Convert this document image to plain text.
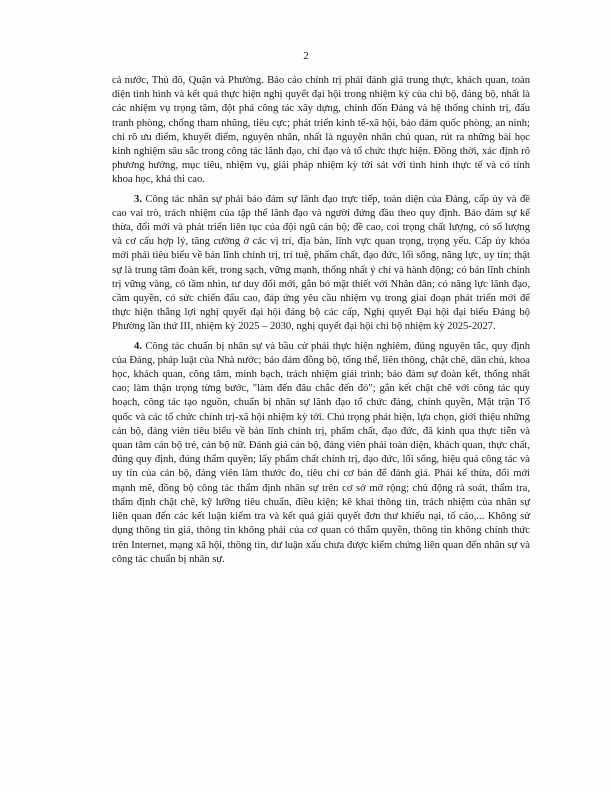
2

cả nước, Thủ đô, Quận và Phường. Báo cáo chính trị phải đánh giá trung thực, khách quan, toàn diện tình hình và kết quả thực hiện nghị quyết đại hội trong nhiệm kỳ của chi bộ, đảng bộ, nhất là các nhiệm vụ trọng tâm, đột phá công tác xây dựng, chỉnh đốn Đảng và hệ thống chính trị, đấu tranh phòng, chống tham nhũng, tiêu cực; phát triển kinh tế-xã hội, bảo đảm quốc phòng, an ninh; chỉ rõ ưu điểm, khuyết điểm, nguyên nhân, nhất là nguyên nhân chủ quan, rút ra những bài học kinh nghiệm sâu sắc trong công tác lãnh đạo, chỉ đạo và tổ chức thực hiện. Đồng thời, xác định rõ phương hướng, mục tiêu, nhiệm vụ, giải pháp nhiệm kỳ tới sát với tình hình thực tế và có tính khoa học, khả thi cao.

3. Công tác nhân sự phải bảo đảm sự lãnh đạo trực tiếp, toàn diện của Đảng, cấp ủy và đề cao vai trò, trách nhiệm của tập thể lãnh đạo và người đứng đầu theo quy định. Bảo đảm sự kế thừa, đổi mới và phát triển liên tục của đội ngũ cán bộ; đề cao, coi trọng chất lượng, có số lượng và cơ cấu hợp lý, tăng cường ở các vị trí, địa bàn, lĩnh vực quan trọng, trọng yếu. Cấp ủy khóa mới phải tiêu biểu về bản lĩnh chính trị, trí tuệ, phẩm chất, đạo đức, lối sống, năng lực, uy tín; thật sự là trung tâm đoàn kết, trong sạch, vững mạnh, thống nhất ý chí và hành động; có bản lĩnh chính trị vững vàng, có tầm nhìn, tư duy đổi mới, gắn bó mật thiết với Nhân dân; có năng lực lãnh đạo, cầm quyền, có sức chiến đấu cao, đáp ứng yêu cầu nhiệm vụ trong giai đoạn phát triển mới để thực hiện thắng lợi nghị quyết đại hội đảng bộ các cấp, Nghị quyết Đại hội đại biểu Đảng bộ Phường lần thứ III, nhiệm kỳ 2025 – 2030, nghị quyết đại hội chi bộ nhiệm kỳ 2025-2027.

4. Công tác chuẩn bị nhân sự và bầu cử phải thực hiện nghiêm, đúng nguyên tắc, quy định của Đảng, pháp luật của Nhà nước; bảo đảm đồng bộ, tổng thể, liên thông, chặt chẽ, dân chủ, khoa học, khách quan, công tâm, minh bạch, trách nhiệm giải trình; bảo đảm sự đoàn kết, thống nhất cao; làm thận trọng từng bước, "làm đến đâu chắc đến đó"; gắn kết chặt chẽ với công tác quy hoạch, công tác tạo nguồn, chuẩn bị nhân sự lãnh đạo tổ chức đảng, chính quyền, Mặt trận Tổ quốc và các tổ chức chính trị-xã hội nhiệm kỳ tới. Chú trọng phát hiện, lựa chọn, giới thiệu những cán bộ, đảng viên tiêu biểu về bản lĩnh chính trị, phẩm chất, đạo đức, đã kinh qua thực tiễn và quan tâm cán bộ trẻ, cán bộ nữ. Đánh giá cán bộ, đảng viên phải toàn diện, khách quan, thực chất, đúng quy định, đúng thẩm quyền; lấy phẩm chất chính trị, đạo đức, lối sống, hiệu quả công tác và uy tín của cán bộ, đảng viên làm thước đo, tiêu chí cơ bản để đánh giá. Phải kế thừa, đổi mới mạnh mẽ, đồng bộ công tác thẩm định nhân sự trên cơ sở mở rộng; chủ động rà soát, thẩm tra, thẩm định chặt chẽ, kỹ lưỡng tiêu chuẩn, điều kiện; kê khai thông tin, trách nhiệm của nhân sự liên quan đến các kết luận kiểm tra và kết quả giải quyết đơn thư khiếu nại, tố cáo,... Không sử dụng thông tin giả, thông tin không phải của cơ quan có thẩm quyền, thông tin không chính thức trên Internet, mạng xã hội, thông tin, dư luận xấu chưa được kiểm chứng liên quan đến nhân sự và công tác chuẩn bị nhân sự.
